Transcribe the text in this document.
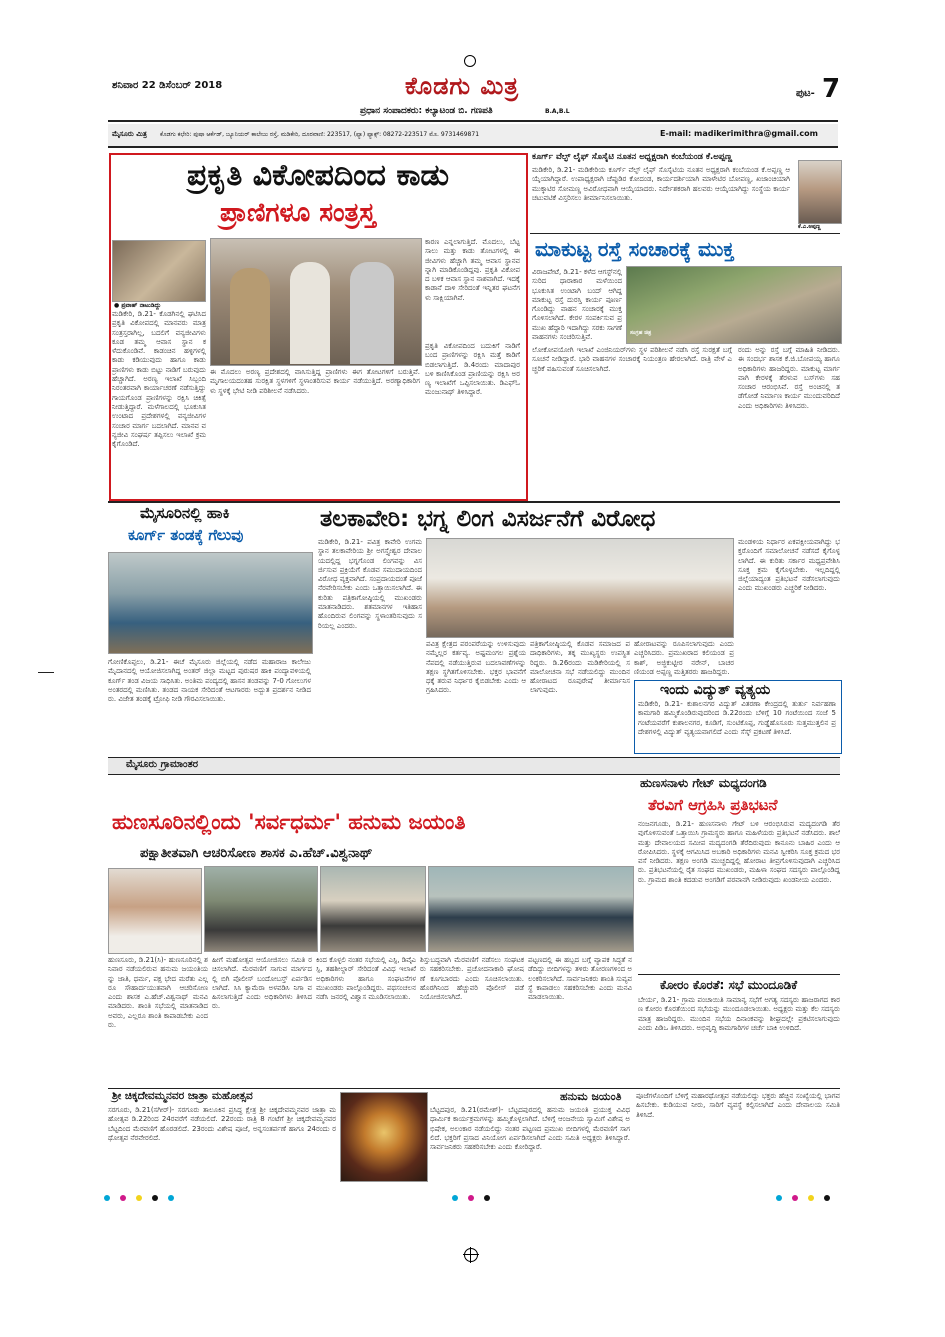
ಶನಿವಾರ 22 ಡಿಸೆಂಬರ್ 2018	ಕೊಡಗು ಮಿತ್ರ
ಪ್ರಧಾನ ಸಂಪಾದಕರು: ಕಲ್ಯಾಟಂಡ ಬಿ. ಗಣಪತಿ	B.A,B.L
ಪುಟ- 7
ಮೈಸೂರು ಮಿತ್ರ ಕೊಡಗು ಕಛೇರಿ: ಪುಷಾ ಆರ್ಕೆಡ್, ಜ್ಯೂನಿಯರ್ ಕಾಲೇಜು ರಸ್ತೆ, ಮಡಿಕೇರಿ, ದೂರವಾಣಿ: 223517, (ಫ್ಯಾ) ಫ್ಯಾಕ್ಸ್: 08272-223517 ಮೊ. 9731469871	E-mail: madikerimithra@gmail.com
ಪ್ರಕೃತಿ ವಿಕೋಪದಿಂದ ಕಾಡು
ಪ್ರಾಣಿಗಳೂ ಸಂತ್ರಸ್ತ
● ಪ್ರವಾಹ್ ನಾಟುಡಿದ್ದು
ಮಡಿಕೇರಿ, ಡಿ.21- ಕೊಡಗಿನಲ್ಲಿ ಘಟಿಸಿದ ಪ್ರಕೃತಿ ವಿಕೋಪದಲ್ಲಿ ಮಾನವರು ಮಾತ್ರ ಸಂತ್ರಸ್ತರಾಗಿಲ್ಲ, ಬದಲಿಗೆ ವನ್ಯಜೀವಿಗಳು ಕೂಡ ತಮ್ಮ ಆವಾಸ ಸ್ಥಾನ ಕಳೆದುಕೊಂಡಿವೆ. ಕಾಡಂಚಿನ ಹಳ್ಳಿಗಳಲ್ಲಿ ಕಾಡು ಕಡಿಯುವುದು ಹಾಗೂ ಕಾಡು ಪ್ರಾಣಿಗಳು ಕಾಡು ಬಿಟ್ಟು ನಾಡಿಗೆ ಬರುವುದು ಹೆಚ್ಚಾಗಿದೆ. ಅರಣ್ಯ ಇಲಾಖೆ ಸಿಬ್ಬಂದಿ ನಿರಂತರವಾಗಿ ಕಾರ್ಯಾಚರಣೆ ನಡೆಸುತ್ತಿದ್ದು ಗಾಯಗೊಂಡ ಪ್ರಾಣಿಗಳನ್ನು ರಕ್ಷಿಸಿ ಚಿಕಿತ್ಸೆ ನೀಡುತ್ತಿದ್ದಾರೆ. ಮಳೆಗಾಲದಲ್ಲಿ ಭೂಕುಸಿತ ಉಂಟಾದ ಪ್ರದೇಶಗಳಲ್ಲಿ ವನ್ಯಜೀವಿಗಳ ಸಂಚಾರ ಮಾರ್ಗ ಬದಲಾಗಿದೆ. ಮಾನವ ವನ್ಯಜೀವಿ ಸಂಘರ್ಷ ತಪ್ಪಿಸಲು ಇಲಾಖೆ ಕ್ರಮ ಕೈಗೊಂಡಿದೆ.
ಈ ಮೊದಲು ಅರಣ್ಯ ಪ್ರದೇಶದಲ್ಲಿ ವಾಸಿಸುತ್ತಿದ್ದ ಪ್ರಾಣಿಗಳು ಈಗ ತೋಟಗಳಿಗೆ ಬರುತ್ತಿವೆ. ಮೃಗಾಲಯದಂತಹ ಸುರಕ್ಷಿತ ಸ್ಥಳಗಳಿಗೆ ಸ್ಥಳಾಂತರಿಸುವ ಕಾರ್ಯ ನಡೆಯುತ್ತಿದೆ. ಅರಣ್ಯಾಧಿಕಾರಿಗಳು ಸ್ಥಳಕ್ಕೆ ಭೇಟಿ ನೀಡಿ ಪರಿಶೀಲನೆ ನಡೆಸಿದರು.
ಕಾರಣ ಎನ್ನಲಾಗುತ್ತಿದೆ. ಮೊದಲು, ಬೆಟ್ಟ ಸಾಲು ಮತ್ತು ಕಾಡು ತೋಟಗಳಲ್ಲಿ ಈ ಜೀವಿಗಳು ಹೆಚ್ಚಾಗಿ ತಮ್ಮ ಆವಾಸ ಸ್ಥಾನವನ್ನಾಗಿ ಮಾಡಿಕೊಂಡಿದ್ದವು. ಪ್ರಕೃತಿ ವಿಕೋಪದ ಬಳಿಕ ಆವಾಸ ಸ್ಥಾನ ನಾಶವಾಗಿದೆ. ಇದಕ್ಕೆ ಕಾಡಾನೆ ದಾಳಿ ಸೇರಿದಂತೆ ಇನ್ನಿತರ ಘಟನೆಗಳು ಸಾಕ್ಷಿಯಾಗಿವೆ.
ಪ್ರಕೃತಿ ವಿಕೋಪದಿಂದ ಬದುಕಿಗೆ ನಾಡಿಗೆ ಬಂದ ಪ್ರಾಣಿಗಳನ್ನು ರಕ್ಷಿಸಿ ಮತ್ತೆ ಕಾಡಿಗೆ ಬಿಡಲಾಗುತ್ತಿದೆ. ಡಿ.4ರಂದು ಮಾದಾಪುರ ಬಳಿ ಕಾಣಿಸಿಕೊಂಡ ಪ್ರಾಣಿಯನ್ನು ರಕ್ಷಿಸಿ ಅರಣ್ಯ ಇಲಾಖೆಗೆ ಒಪ್ಪಿಸಲಾಯಿತು. ಡಿಎಫ್‌ಓ ಮಂಜುನಾಥ್ ತಿಳಿಸಿದ್ದಾರೆ.
ಕೂರ್ಗ್ ವೆಲ್ಫ್ ಲೈಫ್ ಸೊಸೈಟಿ ನೂತನ ಅಧ್ಯಕ್ಷರಾಗಿ ಕಂಬೆಯಂಡ ಕೆ.ಅಪ್ಪಣ್ಣ
ಮಡಿಕೇರಿ, ಡಿ.21- ಮಡಿಕೇರಿಯ ಕೂರ್ಗ್ ವೆಲ್ಫ್ ಲೈಫ್ ಸೊಸೈಟಿಯ ನೂತನ ಅಧ್ಯಕ್ಷರಾಗಿ ಕಂಬೆಯಂಡ ಕೆ.ಅಪ್ಪಣ್ಣ ಆಯ್ಕೆಯಾಗಿದ್ದಾರೆ. ಉಪಾಧ್ಯಕ್ಷರಾಗಿ ಚೆಪ್ಪುಡಿರ ಕೋದಂಡ, ಕಾರ್ಯದರ್ಶಿಯಾಗಿ ಮಾಳೇಟಿರ ಬೋಪಣ್ಣ, ಖಜಾಂಚಿಯಾಗಿ ಮುಕ್ಕಾಟಿರ ಸೋಮಣ್ಣ ಅವಿರೋಧವಾಗಿ ಆಯ್ಕೆಯಾದರು. ನಿರ್ದೇಶಕರಾಗಿ ಹಲವರು ಆಯ್ಕೆಯಾಗಿದ್ದು ಸಂಸ್ಥೆಯ ಕಾರ್ಯ ಚಟುವಟಿಕೆ ವಿಸ್ತರಿಸಲು ತೀರ್ಮಾನಿಸಲಾಯಿತು.
ಕೆ.ಎ.ಅಪ್ಪಣ್ಣ
ಮಾಕುಟ್ಟ ರಸ್ತೆ ಸಂಚಾರಕ್ಕೆ ಮುಕ್ತ
ವಿರಾಜಪೇಟೆ, ಡಿ.21- ಕಳೆದ ಆಗಸ್ಟ್‌ನಲ್ಲಿ ಸುರಿದ ಧಾರಾಕಾರ ಮಳೆಯಿಂದ ಭೂಕುಸಿತ ಉಂಟಾಗಿ ಬಂದ್ ಆಗಿದ್ದ ಮಾಕುಟ್ಟ ರಸ್ತೆ ದುರಸ್ತಿ ಕಾರ್ಯ ಪೂರ್ಣಗೊಂಡಿದ್ದು ವಾಹನ ಸಂಚಾರಕ್ಕೆ ಮುಕ್ತಗೊಳಿಸಲಾಗಿದೆ. ಕೇರಳ ಸಂಪರ್ಕಿಸುವ ಪ್ರಮುಖ ಹೆದ್ದಾರಿ ಇದಾಗಿದ್ದು ಸರಕು ಸಾಗಣೆ ವಾಹನಗಳು ಸಂಚರಿಸುತ್ತಿವೆ.
ಸಂಗ್ರಹ ಚಿತ್ರ
ಲೋಕೋಪಯೋಗಿ ಇಲಾಖೆ ಎಂಜಿನಿಯರ್‌ಗಳು ಸ್ಥಳ ಪರಿಶೀಲನೆ ನಡೆಸಿ ರಸ್ತೆ ಸುರಕ್ಷತೆ ಬಗ್ಗೆ ಸೂಚನೆ ನೀಡಿದ್ದಾರೆ. ಭಾರಿ ವಾಹನಗಳ ಸಂಚಾರಕ್ಕೆ ನಿಯಂತ್ರಣ ಹೇರಲಾಗಿದೆ. ರಾತ್ರಿ ವೇಳೆ ಎಚ್ಚರಿಕೆ ವಹಿಸುವಂತೆ ಸೂಚಿಸಲಾಗಿದೆ.
ರಂದು ಅನ್ನು ರಸ್ತೆ ಬಗ್ಗೆ ಮಾಹಿತಿ ನೀಡಿದರು. ಈ ಸಂದರ್ಭ ಶಾಸಕ ಕೆ.ಜಿ.ಬೋಪಯ್ಯ ಹಾಗೂ ಅಧಿಕಾರಿಗಳು ಹಾಜರಿದ್ದರು. ಮಾಕುಟ್ಟ ಮಾರ್ಗವಾಗಿ ಕೇರಳಕ್ಕೆ ತೆರಳುವ ಬಸ್‌ಗಳು ಸಹ ಸಂಚಾರ ಆರಂಭಿಸಿವೆ. ರಸ್ತೆ ಅಂಚಿನಲ್ಲಿ ತಡೆಗೋಡೆ ನಿರ್ಮಾಣ ಕಾರ್ಯ ಮುಂದುವರಿದಿದೆ ಎಂದು ಅಧಿಕಾರಿಗಳು ತಿಳಿಸಿದರು.
ಮೈಸೂರಿನಲ್ಲಿ ಹಾಕಿ
ಕೂರ್ಗ್ ತಂಡಕ್ಕೆ ಗೆಲುವು
ಗೋಣಿಕೊಪ್ಪಲು, ಡಿ.21- ಈಚೆ ಮೈಸೂರು ಜಿಲ್ಲೆಯಲ್ಲಿ ನಡೆದ ಮಹಾರಾಜ ಕಾಲೇಜು ಮೈದಾನದಲ್ಲಿ ಆಯೋಜಿಸಲಾಗಿದ್ದ ಅಂತರ್ ಜಿಲ್ಲಾ ಮಟ್ಟದ ಪುರುಷರ ಹಾಕಿ ಪಂದ್ಯಾವಳಿಯಲ್ಲಿ ಕೂರ್ಗ್ ತಂಡ ವಿಜಯ ಸಾಧಿಸಿತು. ಅಂತಿಮ ಪಂದ್ಯದಲ್ಲಿ ಹಾಸನ ತಂಡವನ್ನು 7-0 ಗೋಲುಗಳ ಅಂತರದಲ್ಲಿ ಮಣಿಸಿತು. ತಂಡದ ನಾಯಕ ಸೇರಿದಂತೆ ಆಟಗಾರರು ಅದ್ಭುತ ಪ್ರದರ್ಶನ ನೀಡಿದರು. ವಿಜೇತ ತಂಡಕ್ಕೆ ಟ್ರೋಫಿ ನೀಡಿ ಗೌರವಿಸಲಾಯಿತು.
ತಲಕಾವೇರಿ: ಭಗ್ನ ಲಿಂಗ ವಿಸರ್ಜನೆಗೆ ವಿರೋಧ
ಮಡಿಕೇರಿ, ಡಿ.21- ಪವಿತ್ರ ಕಾವೇರಿ ಉಗಮ ಸ್ಥಾನ ತಲಕಾವೇರಿಯ ಶ್ರೀ ಅಗಸ್ತ್ಯೇಶ್ವರ ದೇವಾಲಯದಲ್ಲಿದ್ದ ಭಗ್ನಗೊಂಡ ಲಿಂಗವನ್ನು ವಿಸರ್ಜಿಸುವ ಪ್ರಕ್ರಿಯೆಗೆ ಕೊಡವ ಸಮುದಾಯದಿಂದ ವಿರೋಧ ವ್ಯಕ್ತವಾಗಿದೆ. ಸಂಪ್ರದಾಯದಂತೆ ಪೂಜೆ ನೆರವೇರಿಸಬೇಕು ಎಂದು ಒತ್ತಾಯಿಸಲಾಗಿದೆ. ಈ ಕುರಿತು ಪತ್ರಿಕಾಗೋಷ್ಠಿಯಲ್ಲಿ ಮುಖಂಡರು ಮಾತನಾಡಿದರು. ಶತಮಾನಗಳ ಇತಿಹಾಸ ಹೊಂದಿರುವ ಲಿಂಗವನ್ನು ಸ್ಥಳಾಂತರಿಸುವುದು ಸರಿಯಲ್ಲ ಎಂದರು.
ಪವಿತ್ರ ಕ್ಷೇತ್ರದ ಪರಂಪರೆಯನ್ನು ಉಳಿಸುವುದು ನಮ್ಮೆಲ್ಲರ ಕರ್ತವ್ಯ. ಅಷ್ಟಮಂಗಲ ಪ್ರಶ್ನೆಯ ನೆಪದಲ್ಲಿ ನಡೆಯುತ್ತಿರುವ ಬದಲಾವಣೆಗಳನ್ನು ತಕ್ಷಣ ಸ್ಥಗಿತಗೊಳಿಸಬೇಕು. ಭಕ್ತರ ಭಾವನೆಗೆ ಧಕ್ಕೆ ತರುವ ನಿರ್ಧಾರ ಕೈಬಿಡಬೇಕು ಎಂದು ಆಗ್ರಹಿಸಿದರು.
ಪತ್ರಿಕಾಗೋಷ್ಠಿಯಲ್ಲಿ ಕೊಡವ ಸಮಾಜದ ಪದಾಧಿಕಾರಿಗಳು, ತಕ್ಕ ಮುಖ್ಯಸ್ಥರು ಉಪಸ್ಥಿತರಿದ್ದರು. ಡಿ.26ರಂದು ಮಡಿಕೇರಿಯಲ್ಲಿ ಸಮಾಲೋಚನಾ ಸಭೆ ನಡೆಯಲಿದ್ದು ಮುಂದಿನ ಹೋರಾಟದ ರೂಪುರೇಷೆ ತೀರ್ಮಾನಿಸಲಾಗುವುದು.
ಹೋರಾಟವನ್ನು ರೂಪಿಸಲಾಗುವುದು ಎಂದು ಎಚ್ಚರಿಸಿದರು. ಪ್ರಮುಖರಾದ ಕಲಿಯಂಡ ಪ್ರಕಾಶ್, ಅಜ್ಜಿಕುಟ್ಟೀರ ನರೇನ್, ಬಾಚರಣಿಯಂಡ ಅಪ್ಪಣ್ಣ ಮತ್ತಿತರರು ಹಾಜರಿದ್ದರು.
ಮಂಡಳಿಯ ನಿರ್ಧಾರ ಏಕಪಕ್ಷೀಯವಾಗಿದ್ದು ಭಕ್ತರೊಂದಿಗೆ ಸಮಾಲೋಚನೆ ನಡೆಸದೆ ಕೈಗೊಳ್ಳಲಾಗಿದೆ. ಈ ಕುರಿತು ಸರ್ಕಾರ ಮಧ್ಯಪ್ರವೇಶಿಸಿ ಸೂಕ್ತ ಕ್ರಮ ಕೈಗೊಳ್ಳಬೇಕು. ಇಲ್ಲದಿದ್ದಲ್ಲಿ ಜಿಲ್ಲೆಯಾದ್ಯಂತ ಪ್ರತಿಭಟನೆ ನಡೆಸಲಾಗುವುದು ಎಂದು ಮುಖಂಡರು ಎಚ್ಚರಿಕೆ ನೀಡಿದರು.
ಇಂದು ವಿದ್ಯುತ್ ವ್ಯತ್ಯಯ
ಮಡಿಕೇರಿ, ಡಿ.21- ಕುಶಾಲನಗರ ವಿದ್ಯುತ್ ವಿತರಣಾ ಕೇಂದ್ರದಲ್ಲಿ ತುರ್ತು ನಿರ್ವಹಣಾ ಕಾಮಗಾರಿ ಹಮ್ಮಿಕೊಂಡಿರುವುದರಿಂದ ಡಿ.22ರಂದು ಬೆಳಿಗ್ಗೆ 10 ಗಂಟೆಯಿಂದ ಸಂಜೆ 5 ಗಂಟೆಯವರೆಗೆ ಕುಶಾಲನಗರ, ಕೂಡಿಗೆ, ಸುಂಟಿಕೊಪ್ಪ, ಗುಡ್ಡೆಹೊಸೂರು ಸುತ್ತಮುತ್ತಲಿನ ಪ್ರದೇಶಗಳಲ್ಲಿ ವಿದ್ಯುತ್ ವ್ಯತ್ಯಯವಾಗಲಿದೆ ಎಂದು ಸೆಸ್ಕ್ ಪ್ರಕಟಣೆ ತಿಳಿಸಿದೆ.
ಮೈಸೂರು ಗ್ರಾಮಾಂತರ
ಹುಣಸೂರಿನಲ್ಲಿಂದು 'ಸರ್ವಧರ್ಮ' ಹನುಮ ಜಯಂತಿ
ಪಕ್ಷಾತೀತವಾಗಿ ಆಚರಿಸೋಣ ಶಾಸಕ ಎ.ಹೆಚ್.ವಿಶ್ವನಾಥ್
ಹುಣಸೂರು, ಡಿ.21(ಸಿ)- ಹುಣಸೂರಿನಲ್ಲಿ ಶನಿವಾರ ನಡೆಯಲಿರುವ ಹನುಮ ಜಯಂತಿಯನ್ನು ಜಾತಿ, ಧರ್ಮ, ಪಕ್ಷ ಭೇದ ಮರೆತು ಎಲ್ಲರೂ ಸೌಹಾರ್ದಯುತವಾಗಿ ಆಚರಿಸೋಣ ಎಂದು ಶಾಸಕ ಎ.ಹೆಚ್.ವಿಶ್ವನಾಥ್ ಮನವಿ ಮಾಡಿದರು. ಶಾಂತಿ ಸಭೆಯಲ್ಲಿ ಮಾತನಾಡಿದ ಅವರು, ಎಲ್ಲರೂ ಶಾಂತಿ ಕಾಪಾಡಬೇಕು ಎಂದರು.
ಹೀಗೆ ಮಹೋತ್ಸವ ಆಯೋಜಿಸಲು ಸಮಿತಿ ರಚಿಸಲಾಗಿದೆ. ಮೆರವಣಿಗೆ ಸಾಗುವ ಮಾರ್ಗದಲ್ಲಿ ಬಿಗಿ ಪೊಲೀಸ್ ಬಂದೋಬಸ್ತ್ ಏರ್ಪಡಿಸಲಾಗಿದೆ. ಸಿಸಿ ಕ್ಯಾಮೆರಾ ಅಳವಡಿಸಿ ನಿಗಾ ವಹಿಸಲಾಗುತ್ತಿದೆ ಎಂದು ಅಧಿಕಾರಿಗಳು ತಿಳಿಸಿದರು.
ಕಿಂದ ಕೊಳ್ಳಲಿ ನಂತರ ಸಭೆಯಲ್ಲಿ ಎಸ್ಪಿ, ಡಿವೈಎಸ್ಪಿ, ತಹಶೀಲ್ದಾರ್ ಸೇರಿದಂತೆ ವಿವಿಧ ಇಲಾಖೆ ಅಧಿಕಾರಿಗಳು ಹಾಗೂ ಸಂಘಟನೆಗಳ ಮುಖಂಡರು ಪಾಲ್ಗೊಂಡಿದ್ದರು. ಪಥಸಂಚಲನ ನಡೆಸಿ ಜನರಲ್ಲಿ ವಿಶ್ವಾಸ ಮೂಡಿಸಲಾಯಿತು.
ಶಿಸ್ತುಬದ್ಧವಾಗಿ ಮೆರವಣಿಗೆ ನಡೆಸಲು ಸಂಘಟಕರು ಸಹಕರಿಸಬೇಕು. ಪ್ರಚೋದನಾಕಾರಿ ಘೋಷಣೆ ಕೂಗಬಾರದು ಎಂದು ಸೂಚಿಸಲಾಯಿತು. ಹೊರಗಿನಿಂದ ಹೆಚ್ಚುವರಿ ಪೊಲೀಸ್ ಪಡೆ ನಿಯೋಜಿಸಲಾಗಿದೆ.
ಪಟ್ಟಣದಲ್ಲಿ ಈ ಹಬ್ಬದ ಬಗ್ಗೆ ವ್ಯಾಪಕ ಸಿದ್ಧತೆ ನಡೆದಿದ್ದು ಬೀದಿಗಳನ್ನು ತಳಿರು ತೋರಣಗಳಿಂದ ಅಲಂಕರಿಸಲಾಗಿದೆ. ಸಾರ್ವಜನಿಕರು ಶಾಂತಿ ಸುವ್ಯವಸ್ಥೆ ಕಾಪಾಡಲು ಸಹಕರಿಸಬೇಕು ಎಂದು ಮನವಿ ಮಾಡಲಾಯಿತು.
ಹುಣಸನಾಳು ಗೇಟ್ ಮಧ್ಯದಂಗಡಿ
ತೆರವಿಗೆ ಆಗ್ರಹಿಸಿ ಪ್ರತಿಭಟನೆ
ನಂಜನಗೂಡು, ಡಿ.21- ಹುಣಸನಾಳು ಗೇಟ್ ಬಳಿ ಆರಂಭಿಸಿರುವ ಮದ್ಯದಂಗಡಿ ತೆರವುಗೊಳಿಸುವಂತೆ ಒತ್ತಾಯಿಸಿ ಗ್ರಾಮಸ್ಥರು ಹಾಗೂ ಮಹಿಳೆಯರು ಪ್ರತಿಭಟನೆ ನಡೆಸಿದರು. ಶಾಲೆ ಮತ್ತು ದೇವಾಲಯದ ಸಮೀಪ ಮದ್ಯದಂಗಡಿ ತೆರೆದಿರುವುದು ಕಾನೂನು ಬಾಹಿರ ಎಂದು ಆರೋಪಿಸಿದರು. ಸ್ಥಳಕ್ಕೆ ಆಗಮಿಸಿದ ಅಬಕಾರಿ ಅಧಿಕಾರಿಗಳು ಮನವಿ ಸ್ವೀಕರಿಸಿ ಸೂಕ್ತ ಕ್ರಮದ ಭರವಸೆ ನೀಡಿದರು. ತಕ್ಷಣ ಅಂಗಡಿ ಮುಚ್ಚದಿದ್ದಲ್ಲಿ ಹೋರಾಟ ತೀವ್ರಗೊಳಿಸುವುದಾಗಿ ಎಚ್ಚರಿಸಿದರು. ಪ್ರತಿಭಟನೆಯಲ್ಲಿ ರೈತ ಸಂಘದ ಮುಖಂಡರು, ಮಹಿಳಾ ಸಂಘದ ಸದಸ್ಯರು ಪಾಲ್ಗೊಂಡಿದ್ದರು. ಗ್ರಾಮದ ಶಾಂತಿ ಕದಡುವ ಅಂಗಡಿಗೆ ಪರವಾನಗಿ ನೀಡಿರುವುದು ಖಂಡನೀಯ ಎಂದರು.
ಕೋರಂ ಕೊರತೆ: ಸಭೆ ಮುಂದೂಡಿಕೆ
ಬೇರ್ಯ, ಡಿ.21- ಗ್ರಾಮ ಪಂಚಾಯಿತಿ ಸಾಮಾನ್ಯ ಸಭೆಗೆ ಅಗತ್ಯ ಸದಸ್ಯರು ಹಾಜರಾಗದ ಕಾರಣ ಕೋರಂ ಕೊರತೆಯಿಂದ ಸಭೆಯನ್ನು ಮುಂದೂಡಲಾಯಿತು. ಅಧ್ಯಕ್ಷರು ಮತ್ತು ಕೆಲ ಸದಸ್ಯರು ಮಾತ್ರ ಹಾಜರಿದ್ದರು. ಮುಂದಿನ ಸಭೆಯ ದಿನಾಂಕವನ್ನು ಶೀಘ್ರದಲ್ಲೇ ಪ್ರಕಟಿಸಲಾಗುವುದು ಎಂದು ಪಿಡಿಒ ತಿಳಿಸಿದರು. ಅಭಿವೃದ್ಧಿ ಕಾಮಗಾರಿಗಳ ಚರ್ಚೆ ಬಾಕಿ ಉಳಿದಿದೆ.
ಶ್ರೀ ಚಿಕ್ಕದೇವಮ್ಮನವರ ಜಾತ್ರಾ ಮಹೋತ್ಸವ
ಸರಗೂರು, ಡಿ.21(ಸಗೀರ್)- ಸರಗೂರು ತಾಲೂಕಿನ ಪ್ರಸಿದ್ಧ ಕ್ಷೇತ್ರ ಶ್ರೀ ಚಿಕ್ಕದೇವಮ್ಮನವರ ಜಾತ್ರಾ ಮಹೋತ್ಸವ ಡಿ.22ರಿಂದ 24ರವರೆಗೆ ನಡೆಯಲಿದೆ. 22ರಂದು ರಾತ್ರಿ 8 ಗಂಟೆಗೆ ಶ್ರೀ ಚಿಕ್ಕದೇವಮ್ಮನವರ ಬೆಟ್ಟದಿಂದ ಮೆರವಣಿಗೆ ಹೊರಡಲಿದೆ. 23ರಂದು ವಿಶೇಷ ಪೂಜೆ, ಅನ್ನಸಂತರ್ಪಣೆ ಹಾಗೂ 24ರಂದು ರಥೋತ್ಸವ ನೆರವೇರಲಿದೆ.
ಹನುಮ ಜಯಂತಿ
ಬೆಟ್ಟದಪುರ, ಡಿ.21(ರಮೇಶ್)- ಬೆಟ್ಟದಪುರದಲ್ಲಿ ಹನುಮ ಜಯಂತಿ ಪ್ರಯುಕ್ತ ವಿವಿಧ ಧಾರ್ಮಿಕ ಕಾರ್ಯಕ್ರಮಗಳನ್ನು ಹಮ್ಮಿಕೊಳ್ಳಲಾಗಿದೆ. ಬೆಳಿಗ್ಗೆ ಆಂಜನೇಯ ಸ್ವಾಮಿಗೆ ವಿಶೇಷ ಅಭಿಷೇಕ, ಅಲಂಕಾರ ನಡೆಯಲಿದ್ದು ನಂತರ ಪಟ್ಟಣದ ಪ್ರಮುಖ ಬೀದಿಗಳಲ್ಲಿ ಮೆರವಣಿಗೆ ಸಾಗಲಿದೆ. ಭಕ್ತರಿಗೆ ಪ್ರಸಾದ ವಿನಿಯೋಗ ಏರ್ಪಡಿಸಲಾಗಿದೆ ಎಂದು ಸಮಿತಿ ಅಧ್ಯಕ್ಷರು ತಿಳಿಸಿದ್ದಾರೆ. ಸಾರ್ವಜನಿಕರು ಸಹಕರಿಸಬೇಕು ಎಂದು ಕೋರಿದ್ದಾರೆ.
ಪೂಜೆಗಳೊಂದಿಗೆ ಬೆಳಿಗ್ಗೆ ಮಹಾರಥೋತ್ಸವ ನಡೆಯಲಿದ್ದು ಭಕ್ತರು ಹೆಚ್ಚಿನ ಸಂಖ್ಯೆಯಲ್ಲಿ ಭಾಗವಹಿಸಬೇಕು. ಕುಡಿಯುವ ನೀರು, ಸಾರಿಗೆ ವ್ಯವಸ್ಥೆ ಕಲ್ಪಿಸಲಾಗಿದೆ ಎಂದು ದೇವಾಲಯ ಸಮಿತಿ ತಿಳಿಸಿದೆ.
